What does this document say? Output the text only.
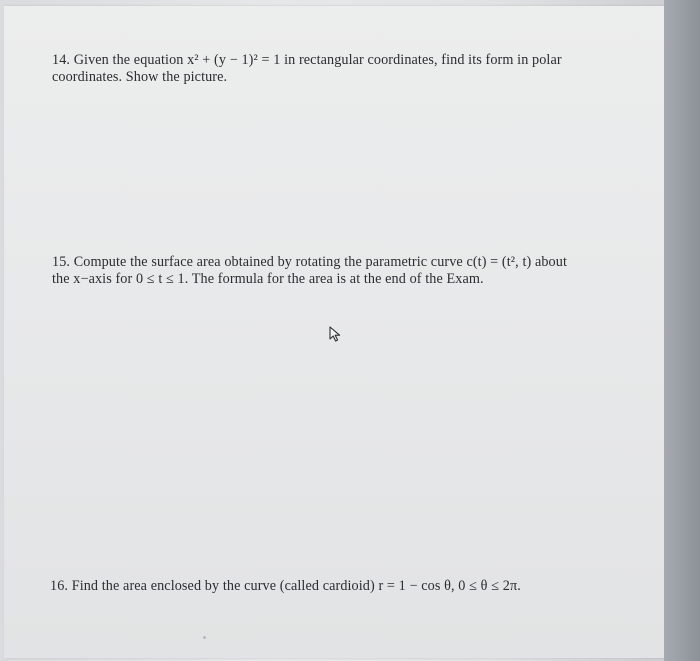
14. Given the equation x² + (y − 1)² = 1 in rectangular coordinates, find its form in polar
coordinates. Show the picture.
15. Compute the surface area obtained by rotating the parametric curve c(t) = (t², t) about
the x−axis for 0 ≤ t ≤ 1. The formula for the area is at the end of the Exam.
16. Find the area enclosed by the curve (called cardioid) r = 1 − cos θ, 0 ≤ θ ≤ 2π.
